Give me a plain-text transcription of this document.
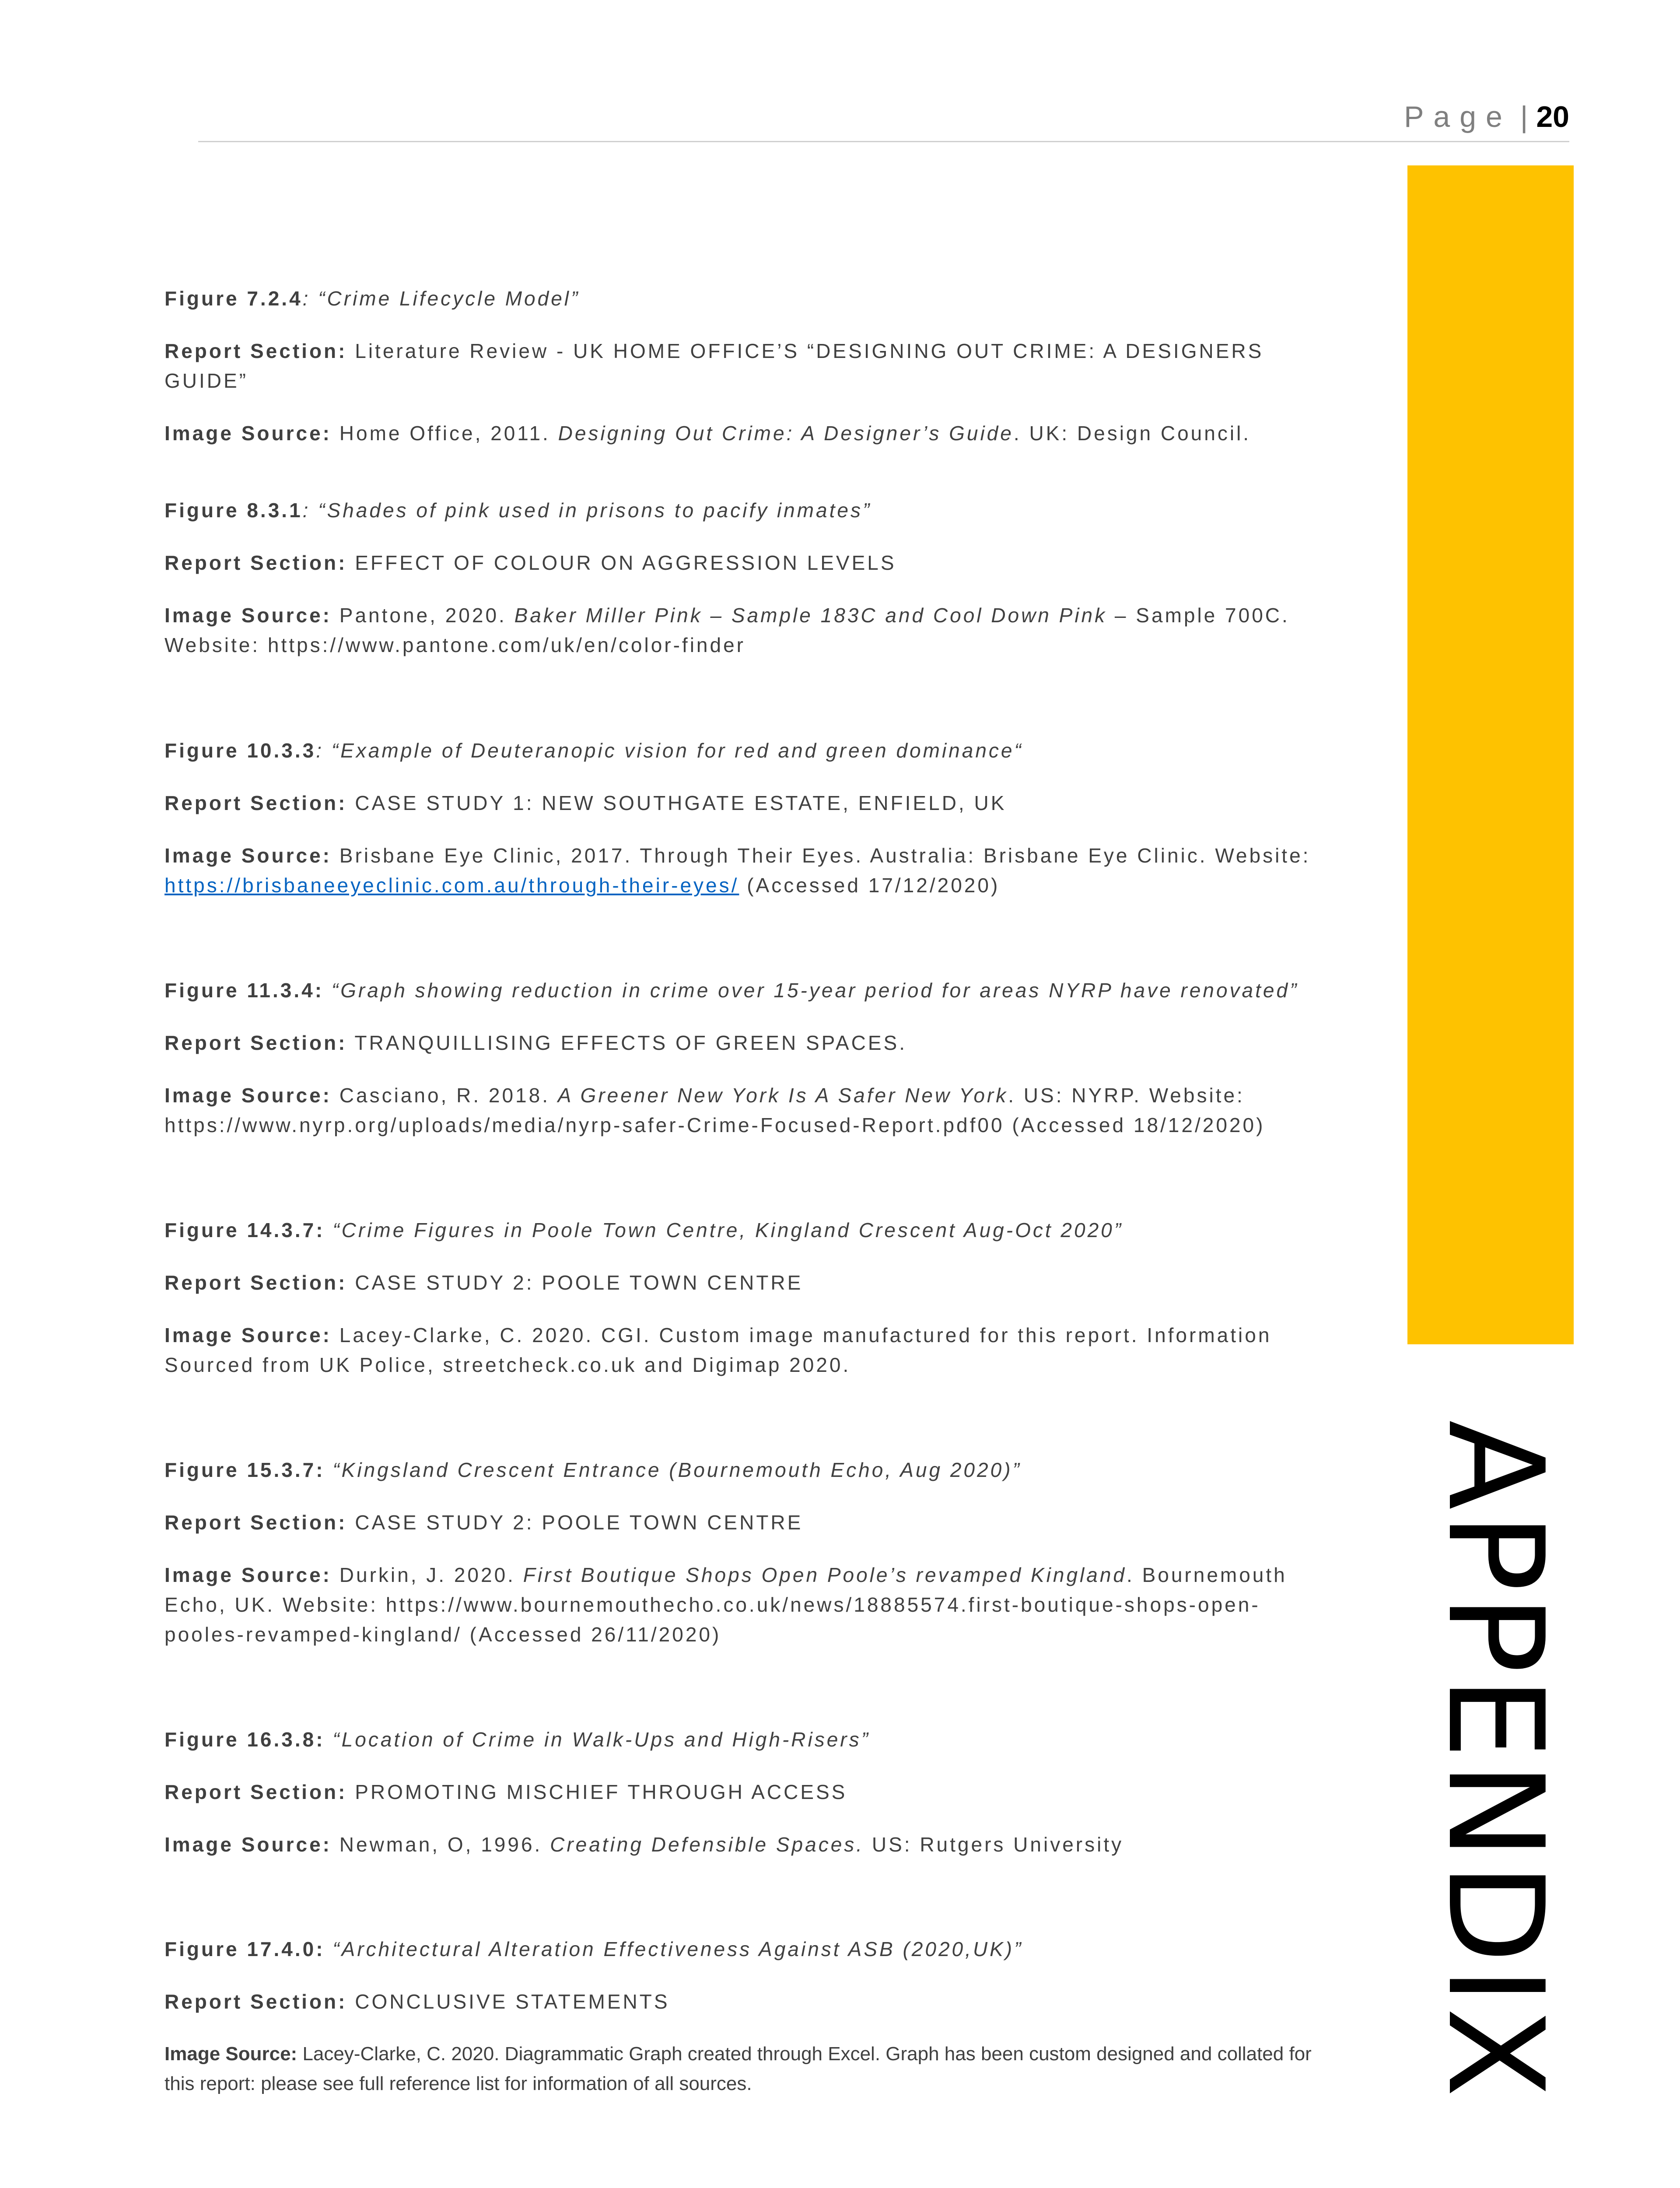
Page | 20
APPENDIX

Figure 7.2.4: “Crime Lifecycle Model”

Report Section: Literature Review - UK HOME OFFICE’S “DESIGNING OUT CRIME: A DESIGNERS GUIDE”

Image Source: Home Office, 2011. Designing Out Crime: A Designer’s Guide. UK: Design Council.

Figure 8.3.1: “Shades of pink used in prisons to pacify inmates”

Report Section: EFFECT OF COLOUR ON AGGRESSION LEVELS

Image Source: Pantone, 2020. Baker Miller Pink – Sample 183C and Cool Down Pink – Sample 700C. Website: https://www.pantone.com/uk/en/color-finder

Figure 10.3.3: “Example of Deuteranopic vision for red and green dominance“

Report Section: CASE STUDY 1: NEW SOUTHGATE ESTATE, ENFIELD, UK

Image Source: Brisbane Eye Clinic, 2017. Through Their Eyes. Australia: Brisbane Eye Clinic. Website: https://brisbaneeyeclinic.com.au/through-their-eyes/ (Accessed 17/12/2020)

Figure 11.3.4: “Graph showing reduction in crime over 15-year period for areas NYRP have renovated”

Report Section: TRANQUILLISING EFFECTS OF GREEN SPACES.

Image Source: Casciano, R. 2018. A Greener New York Is A Safer New York. US: NYRP. Website: https://www.nyrp.org/uploads/media/nyrp-safer-Crime-Focused-Report.pdf00 (Accessed 18/12/2020)

Figure 14.3.7: “Crime Figures in Poole Town Centre, Kingland Crescent Aug-Oct 2020”

Report Section: CASE STUDY 2: POOLE TOWN CENTRE

Image Source: Lacey-Clarke, C. 2020. CGI. Custom image manufactured for this report. Information Sourced from UK Police, streetcheck.co.uk and Digimap 2020.

Figure 15.3.7: “Kingsland Crescent Entrance (Bournemouth Echo, Aug 2020)”

Report Section: CASE STUDY 2: POOLE TOWN CENTRE

Image Source: Durkin, J. 2020. First Boutique Shops Open Poole’s revamped Kingland. Bournemouth Echo, UK. Website: https://www.bournemouthecho.co.uk/news/18885574.first-boutique-shops-open-pooles-revamped-kingland/ (Accessed 26/11/2020)

Figure 16.3.8: “Location of Crime in Walk-Ups and High-Risers”

Report Section: PROMOTING MISCHIEF THROUGH ACCESS

Image Source: Newman, O, 1996. Creating Defensible Spaces. US: Rutgers University

Figure 17.4.0: “Architectural Alteration Effectiveness Against ASB (2020,UK)”

Report Section: CONCLUSIVE STATEMENTS

Image Source: Lacey-Clarke, C. 2020. Diagrammatic Graph created through Excel. Graph has been custom designed and collated for this report: please see full reference list for information of all sources.
